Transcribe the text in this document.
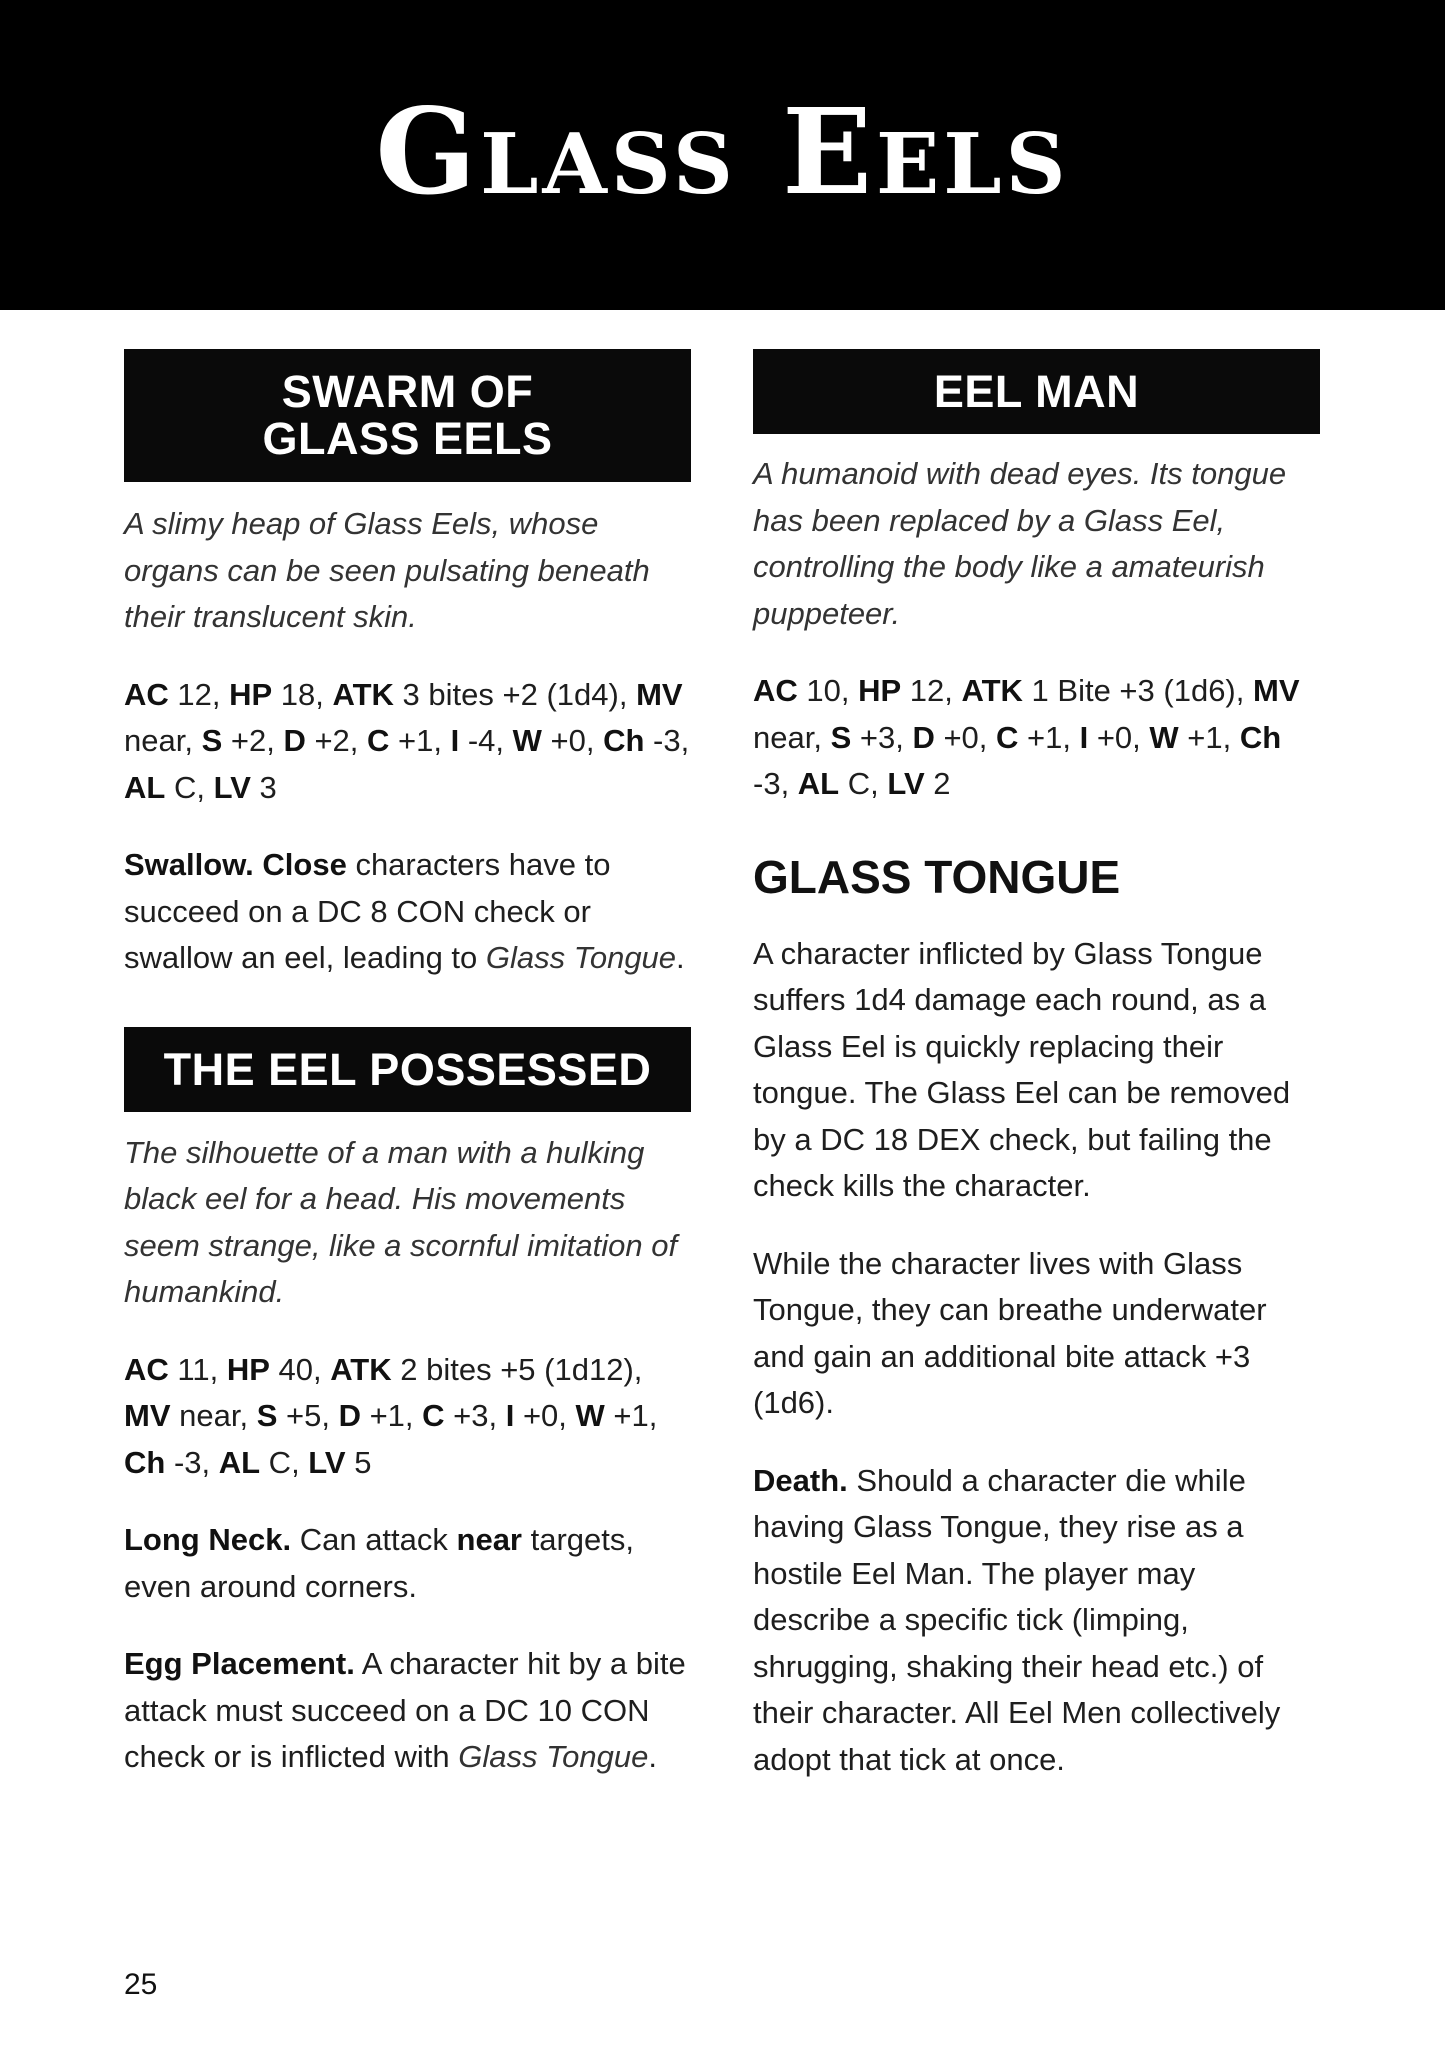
Glass Eels
SWARM OF
GLASS EELS

A slimy heap of Glass Eels, whose organs can be seen pulsating beneath their translucent skin.

AC 12, HP 18, ATK 3 bites +2 (1d4), MV near, S +2, D +2, C +1, I -4, W +0, Ch -3, AL C, LV 3

Swallow. Close characters have to succeed on a DC 8 CON check or swallow an eel, leading to Glass Tongue.

THE EEL POSSESSED

The silhouette of a man with a hulking black eel for a head. His movements seem strange, like a scornful imitation of humankind.

AC 11, HP 40, ATK 2 bites +5 (1d12), MV near, S +5, D +1, C +3, I +0, W +1, Ch -3, AL C, LV 5

Long Neck. Can attack near targets, even around corners.

Egg Placement. A character hit by a bite attack must succeed on a DC 10 CON check or is inflicted with Glass Tongue.

EEL MAN

A humanoid with dead eyes. Its tongue has been replaced by a Glass Eel, controlling the body like a amateurish puppeteer.

AC 10, HP 12, ATK 1 Bite +3 (1d6), MV near, S +3, D +0, C +1, I +0, W +1, Ch -3, AL C, LV 2

GLASS TONGUE

A character inflicted by Glass Tongue suffers 1d4 damage each round, as a Glass Eel is quickly replacing their tongue. The Glass Eel can be removed by a DC 18 DEX check, but failing the check kills the character.

While the character lives with Glass Tongue, they can breathe underwater and gain an additional bite attack +3 (1d6).

Death. Should a character die while having Glass Tongue, they rise as a hostile Eel Man. The player may describe a specific tick (limping, shrugging, shaking their head etc.) of their character. All Eel Men collectively adopt that tick at once.

25
